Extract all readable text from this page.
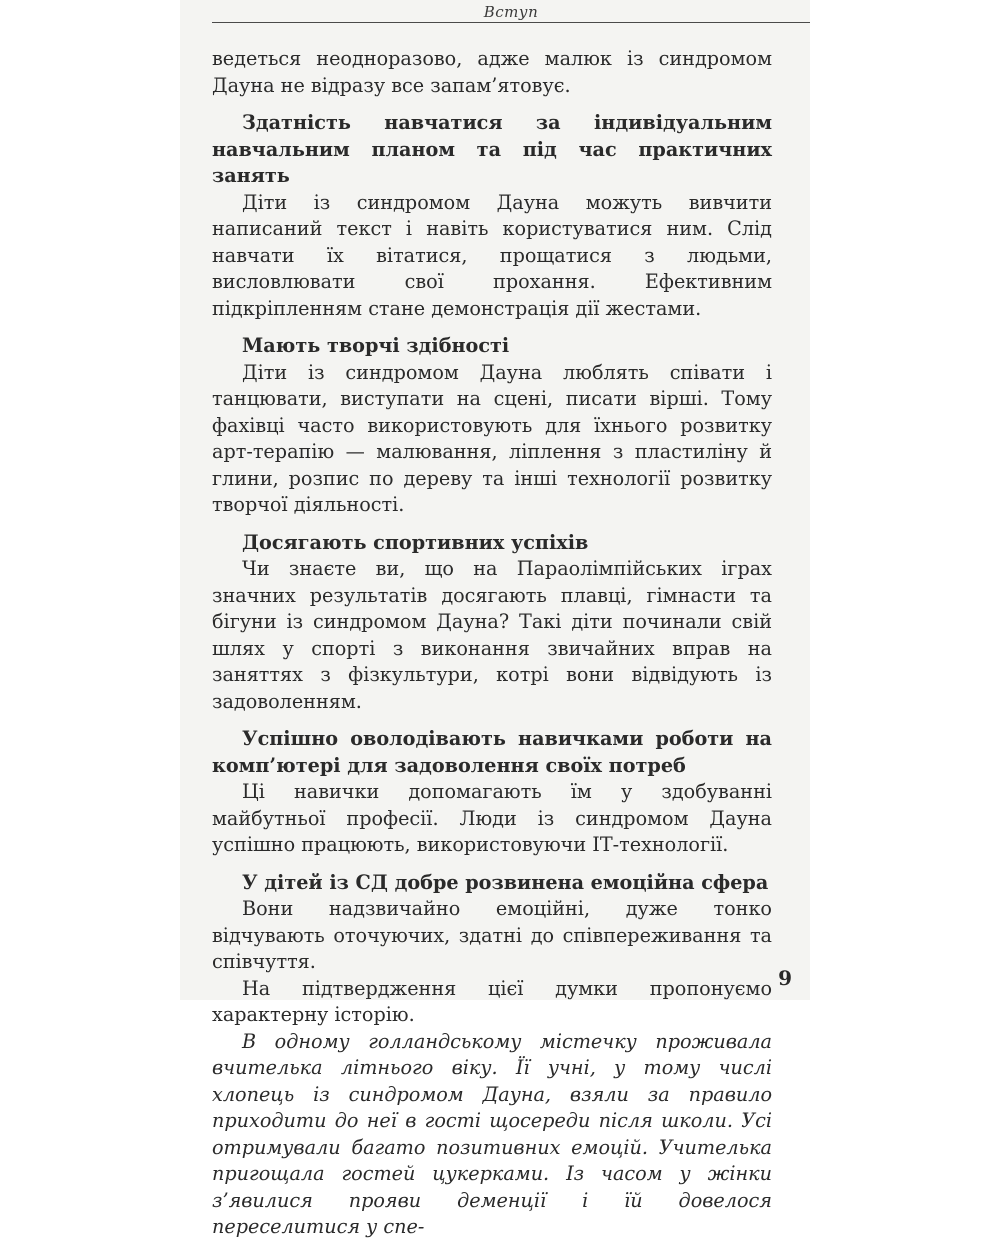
Вступ

ведеться неодноразово, адже малюк із синдромом Дауна не відразу все запам’ятовує.

Здатність навчатися за індивідуальним навчальним планом та під час практичних занять

Діти із синдромом Дауна можуть вивчити написаний текст і навіть користуватися ним. Слід навчати їх вітатися, прощатися з людьми, висловлювати свої прохання. Ефективним підкріпленням стане демонстрація дії жестами.

Мають творчі здібності

Діти із синдромом Дауна люблять співати і танцювати, виступати на сцені, писати вірші. Тому фахівці часто використовують для їхнього розвитку арт-терапію — малювання, ліплення з пластиліну й глини, розпис по дереву та інші технології розвитку творчої діяльності.

Досягають спортивних успіхів

Чи знаєте ви, що на Параолімпійських іграх значних результатів досягають плавці, гімнасти та бігуни із синдромом Дауна? Такі діти починали свій шлях у спорті з виконання звичайних вправ на заняттях з фізкультури, котрі вони відвідують із задоволенням.

Успішно оволодівають навичками роботи на комп’ютері для задоволення своїх потреб

Ці навички допомагають їм у здобуванні майбутньої професії. Люди із синдромом Дауна успішно працюють, використовуючи ІТ-технології.

У дітей із СД добре розвинена емоційна сфера

Вони надзвичайно емоційні, дуже тонко відчувають оточуючих, здатні до співпереживання та співчуття.

На підтвердження цієї думки пропонуємо характерну історію.

В одному голландському містечку проживала вчителька літнього віку. Її учні, у тому числі хлопець із синдромом Дауна, взяли за правило приходити до неї в гості щосереди після школи. Усі отримували багато позитивних емоцій. Учителька пригощала гостей цукерками. Із часом у жінки з’явилися прояви деменції і їй довелося переселитися у спе-

9
